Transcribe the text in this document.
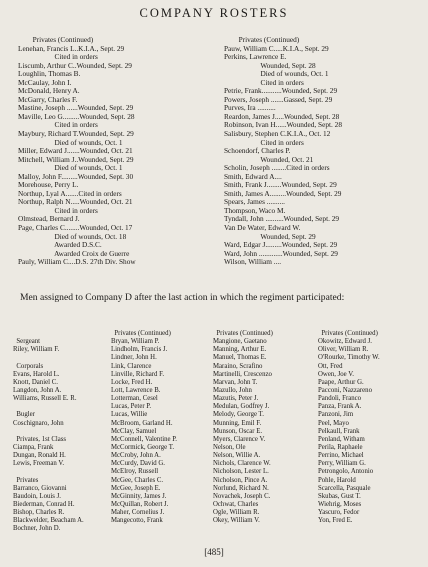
COMPANY ROSTERS
Privates (Continued)
Lenehan, Francis L..K.I.A., Sept. 29
Cited in orders
Liscumb, Arthur C..Wounded, Sept. 29
Loughlin, Thomas B.
McCaulay, John I.
McDonald, Henry A.
McGarry, Charles F.
Mastine, Joseph ......Wounded, Sept. 29
Maville, Leo G.........Wounded, Sept. 28
Cited in orders
Maybury, Richard T.Wounded, Sept. 29
Died of wounds, Oct. 1
Miller, Edward J.......Wounded, Oct. 21
Mitchell, William J..Wounded, Sept. 29
Died of wounds, Oct. 1
Malloy, John F.........Wounded, Sept. 30
Morehouse, Perry L.
Northup, Lyal A.......Cited in orders
Northup, Ralph N.....Wounded, Oct. 21
Cited in orders
Olmstead, Bernard J.
Page, Charles C........Wounded, Oct. 17
Died of wounds, Oct. 18
Awarded D.S.C.
Awarded Croix de Guerre
Pauly, William C....D.S. 27th Div. Show
Privates (Continued)
Pauw, William C.....K.I.A., Sept. 29
Perkins, Lawrence E.
Wounded, Sept. 28
Died of wounds, Oct. 1
Cited in orders
Petrie, Frank...........Wounded, Sept. 29
Powers, Joseph .......Gassed, Sept. 29
Purves, Ira ..........
Reardon, James J.....Wounded, Sept. 28
Robinson, Ivan H......Wounded, Sept. 28
Salisbury, Stephen C.K.I.A., Oct. 12
Cited in orders
Schoendorf, Charles P.
Wounded, Oct. 21
Scholin, Joseph ........Cited in orders
Smith, Edward A....
Smith, Frank J........Wounded, Sept. 29
Smith, James A.........Wounded, Sept. 29
Spears, James ..........
Thompson, Waco M.
Tyndall, John ..........Wounded, Sept. 29
Van De Water, Edward W.
Wounded, Sept. 29
Ward, Edgar J.........Wounded, Sept. 29
Ward, John .............Wounded, Sept. 29
Wilson, William ....
Men assigned to Company D after the last action in which the regiment participated:
Sergeant
Riley, William F.
Corporals
Evans, Harold L.
Knott, Daniel C.
Langdon, John A.
Williams, Russell E. R.
Bugler
Coschignaro, John
Privates, 1st Class
Ciampa, Frank
Dungan, Ronald H.
Lewis, Freeman V.
Privates
Barranco, Giovanni
Baudoin, Louis J.
Biederman, Conrad H.
Bishop, Charles R.
Blackwelder, Beacham A.
Bochner, John D.
Privates (Continued)
Bryan, William P.
Lindholm, Francis J.
Lindner, John H.
Link, Clarence
Linville, Richard F.
Locke, Fred H.
Lott, Lawrence B.
Lotterman, Cesel
Lucas, Peter P.
Lucas, Willie
McBroom, Garland H.
McClay, Samuel
McConnell, Valentine P.
McCormick, George T.
McCroby, John A.
McCurdy, David G.
McElroy, Russell
McGee, Charles C.
McGee, Joseph E.
McGinnity, James J.
McQuillan, Robert J.
Maher, Cornelius J.
Mangecotto, Frank
Privates (Continued)
Mangione, Gaetano
Manning, Arthur E.
Manuel, Thomas E.
Maraino, Scrafino
Martinelli, Crescenzo
Marvan, John T.
Mazullo, John
Mazutis, Peter J.
Medulan, Godfrey J.
Melody, George T.
Munning, Emil F.
Munson, Oscar E.
Myers, Clarence V.
Nelson, Ole
Nelson, Willie A.
Nichols, Clarence W.
Nicholson, Lester L.
Nicholson, Pince A.
Norlund, Richard N.
Novachek, Joseph C.
Ochwat, Charles
Ogle, William R.
Okey, William V.
Privates (Continued)
Okowitz, Edward J.
Oliver, William R.
O'Rourke, Timothy W.
Ott, Fred
Owen, Joe V.
Paape, Arthur G.
Pacconi, Nazzareno
Pandoli, Franco
Panza, Frank A.
Panzoni, Jim
Peel, Mayo
Pelkaull, Frank
Penland, Witham
Perila, Raphaele
Perrino, Michael
Perry, William G.
Petrongolo, Antonio
Pohle, Harold
Scarcella, Pasquale
Skubas, Gust T.
Wiehrig, Moses
Yascuro, Fedor
Yon, Fred E.
[485]
